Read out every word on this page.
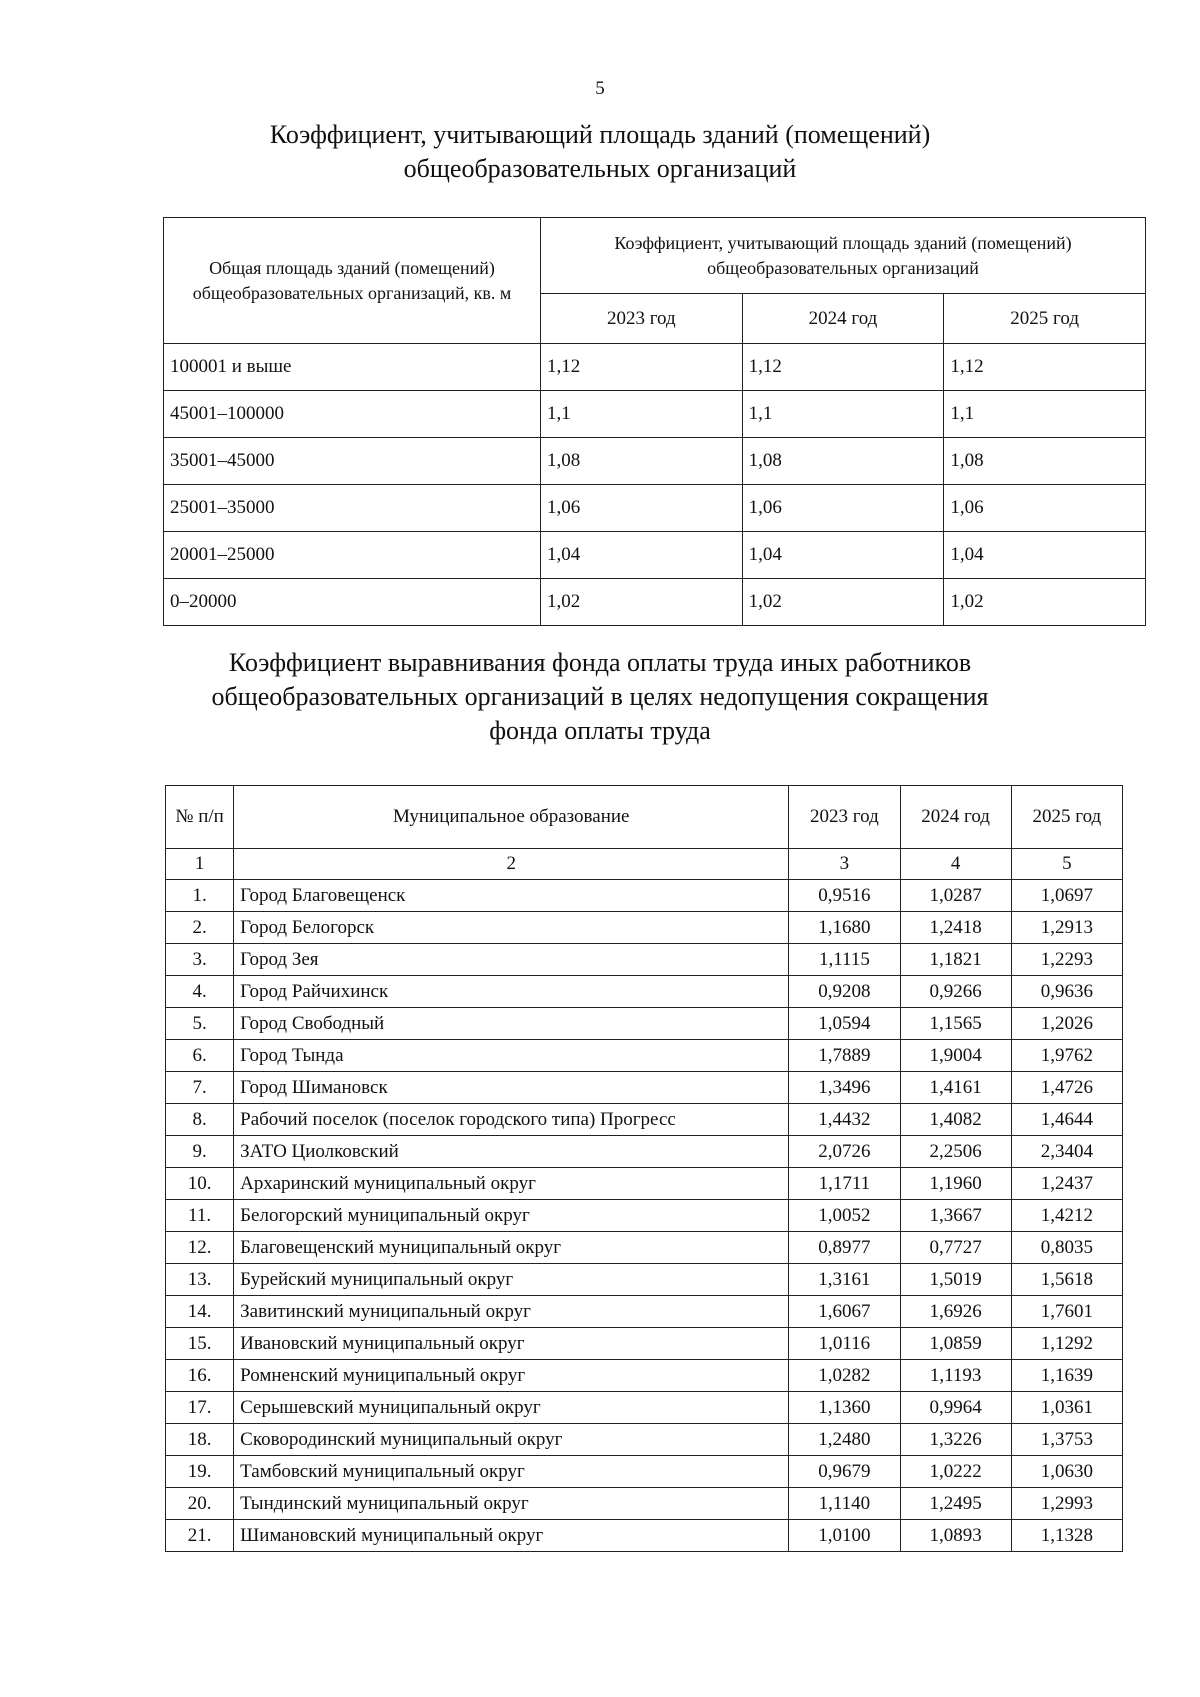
5
Коэффициент, учитывающий площадь зданий (помещений)
общеобразовательных организаций
Общая площадь зданий (помещений) общеобразовательных организаций, кв. м	Коэффициент, учитывающий площадь зданий (помещений) общеобразовательных организаций		
	2023 год	2024 год	2025 год
100001 и выше	1,12	1,12	1,12
45001–100000	1,1	1,1	1,1
35001–45000	1,08	1,08	1,08
25001–35000	1,06	1,06	1,06
20001–25000	1,04	1,04	1,04
0–20000	1,02	1,02	1,02
Коэффициент выравнивания фонда оплаты труда иных работников
общеобразовательных организаций в целях недопущения сокращения
фонда оплаты труда
№ п/п	Муниципальное образование	2023 год	2024 год	2025 год
1	2	3	4	5
1.	Город Благовещенск	0,9516	1,0287	1,0697
2.	Город Белогорск	1,1680	1,2418	1,2913
3.	Город Зея	1,1115	1,1821	1,2293
4.	Город Райчихинск	0,9208	0,9266	0,9636
5.	Город Свободный	1,0594	1,1565	1,2026
6.	Город Тында	1,7889	1,9004	1,9762
7.	Город Шимановск	1,3496	1,4161	1,4726
8.	Рабочий поселок (поселок городского типа) Прогресс	1,4432	1,4082	1,4644
9.	ЗАТО Циолковский	2,0726	2,2506	2,3404
10.	Архаринский муниципальный округ	1,1711	1,1960	1,2437
11.	Белогорский муниципальный округ	1,0052	1,3667	1,4212
12.	Благовещенский муниципальный округ	0,8977	0,7727	0,8035
13.	Бурейский муниципальный округ	1,3161	1,5019	1,5618
14.	Завитинский муниципальный округ	1,6067	1,6926	1,7601
15.	Ивановский муниципальный округ	1,0116	1,0859	1,1292
16.	Ромненский муниципальный округ	1,0282	1,1193	1,1639
17.	Серышевский муниципальный округ	1,1360	0,9964	1,0361
18.	Сковородинский муниципальный округ	1,2480	1,3226	1,3753
19.	Тамбовский муниципальный округ	0,9679	1,0222	1,0630
20.	Тындинский муниципальный округ	1,1140	1,2495	1,2993
21.	Шимановский муниципальный округ	1,0100	1,0893	1,1328
